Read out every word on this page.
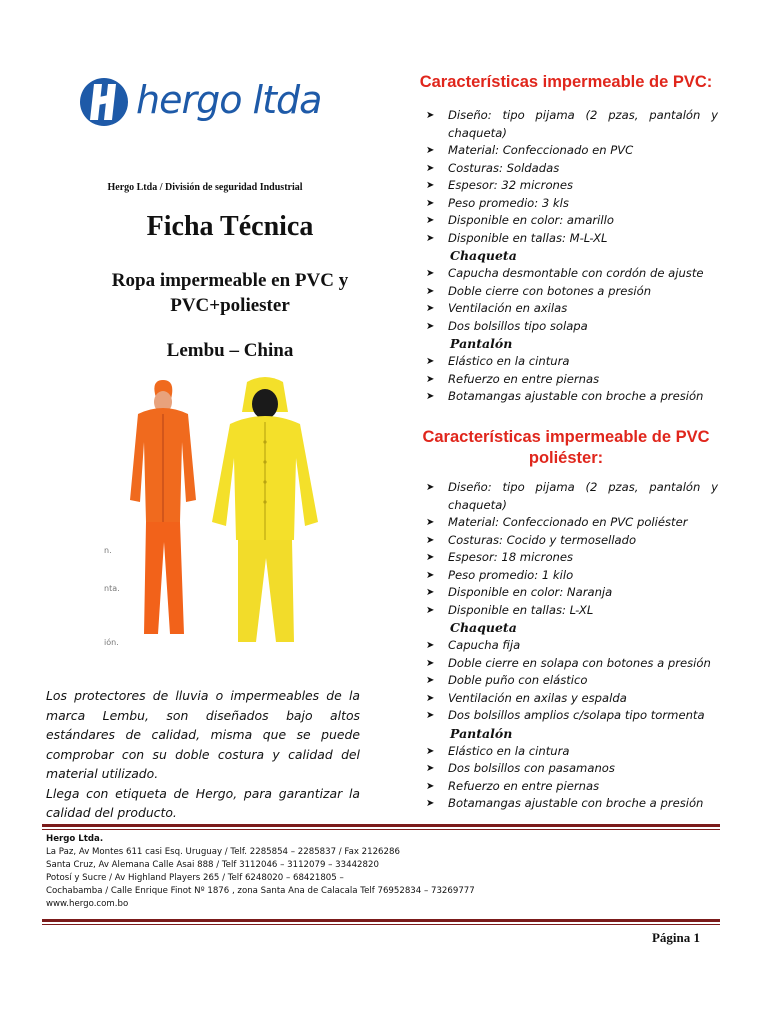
hergo ltda
Hergo Ltda / División de seguridad Industrial
Ficha Técnica
Ropa impermeable en PVC y
PVC+poliester
Lembu – China
n.
nta.
ión.

Los protectores de lluvia o impermeables de la marca Lembu, son diseñados bajo altos estándares de calidad, misma que se puede comprobar con su doble costura y calidad del material utilizado.

Llega con etiqueta de Hergo, para garantizar la calidad del producto.

Características impermeable de PVC:
➤ Diseño: tipo pijama (2 pzas, pantalón y
chaqueta)
➤ Material: Confeccionado en PVC
➤ Costuras: Soldadas
➤ Espesor: 32 micrones
➤ Peso promedio: 3 kls
➤ Disponible en color: amarillo
➤ Disponible en tallas: M-L-XL
Chaqueta
➤ Capucha desmontable con cordón de ajuste
➤ Doble cierre con botones a presión
➤ Ventilación en axilas
➤ Dos bolsillos tipo solapa
Pantalón
➤ Elástico en la cintura
➤ Refuerzo en entre piernas
➤ Botamangas ajustable con broche a presión
Características impermeable de PVC
poliéster:
➤ Diseño: tipo pijama (2 pzas, pantalón y
chaqueta)
➤ Material: Confeccionado en PVC poliéster
➤ Costuras: Cocido y termosellado
➤ Espesor: 18 micrones
➤ Peso promedio: 1 kilo
➤ Disponible en color: Naranja
➤ Disponible en tallas: L-XL
Chaqueta
➤ Capucha fija
➤ Doble cierre en solapa con botones a presión
➤ Doble puño con elástico
➤ Ventilación en axilas y espalda
➤ Dos bolsillos amplios c/solapa tipo tormenta
Pantalón
➤ Elástico en la cintura
➤ Dos bolsillos con pasamanos
➤ Refuerzo en entre piernas
➤ Botamangas ajustable con broche a presión
Hergo Ltda.
La Paz, Av Montes 611 casi Esq. Uruguay / Telf. 2285854 – 2285837 / Fax 2126286
Santa Cruz, Av Alemana Calle Asai 888 / Telf 3112046 – 3112079 – 33442820
Potosí y Sucre / Av Highland Players 265 / Telf 6248020 – 68421805 –
Cochabamba / Calle Enrique Finot Nº 1876 , zona Santa Ana de Calacala Telf 76952834 – 73269777
www.hergo.com.bo
Página 1
